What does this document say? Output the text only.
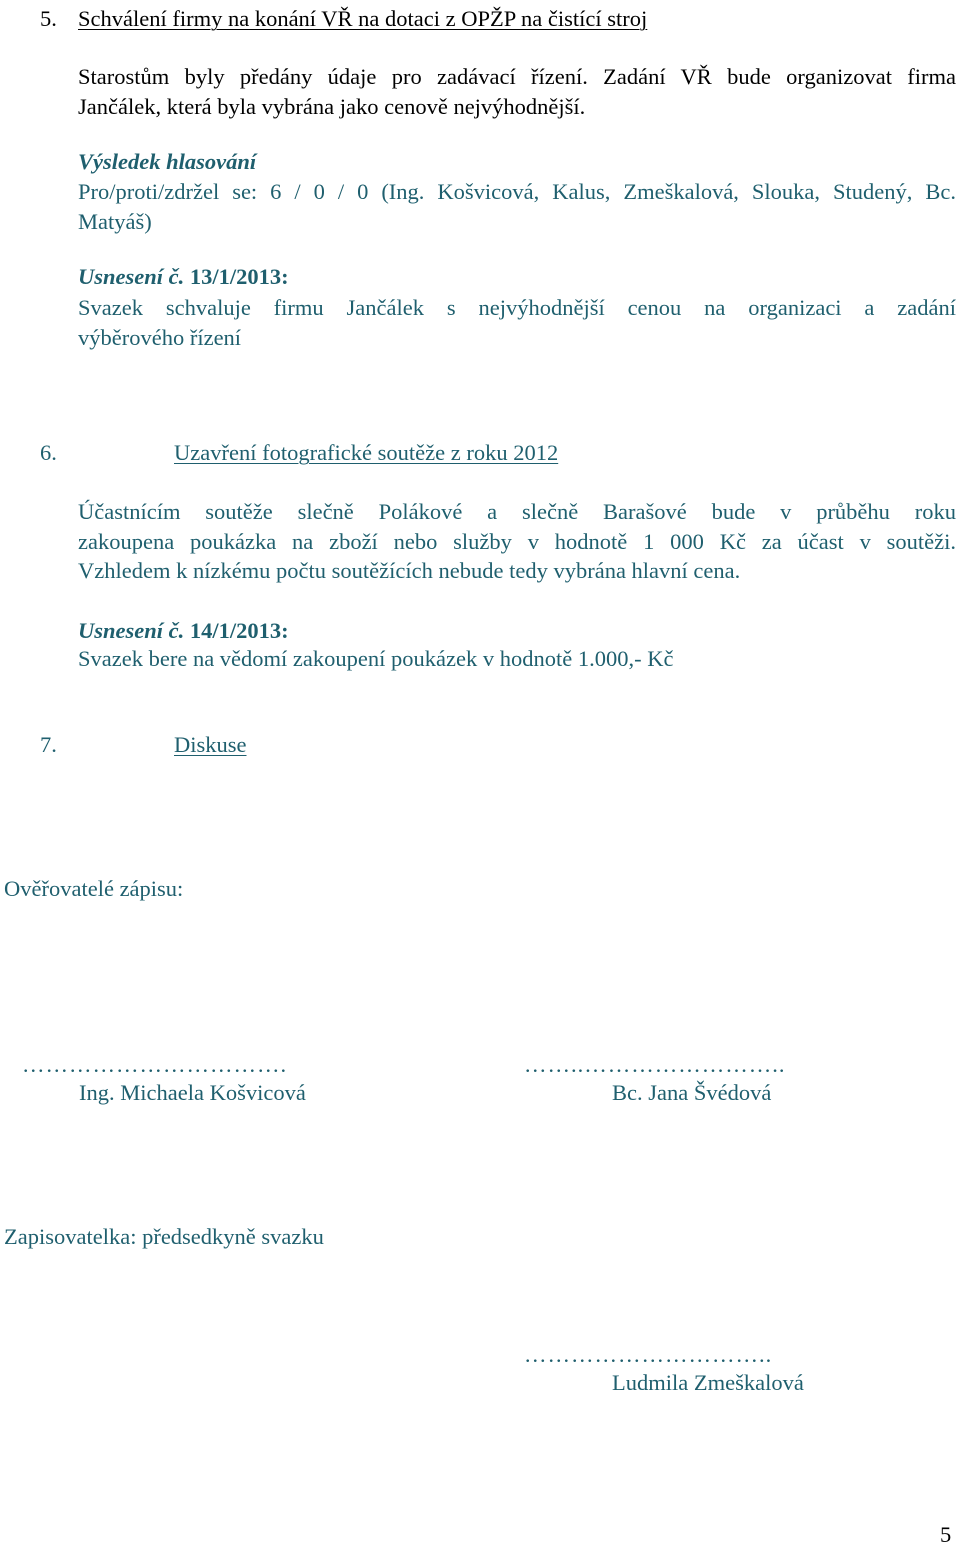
5. Schválení firmy na konání VŘ na dotaci z OPŽP na čistící stroj
Starostům byly předány údaje pro zadávací řízení. Zadání VŘ bude organizovat firma
Jančálek, která byla vybrána jako cenově nejvýhodnější.
Výsledek hlasování
Pro/proti/zdržel se: 6 / 0 / 0 (Ing. Košvicová, Kalus, Zmeškalová, Slouka, Studený, Bc.
Matyáš)
Usnesení č. 13/1/2013:
Svazek schvaluje firmu Jančálek s nejvýhodnější cenou na organizaci a zadání
výběrového řízení
6.	Uzavření fotografické soutěže z roku 2012
Účastnícím soutěže slečně Polákové a slečně Barašové bude v průběhu roku
zakoupena poukázka na zboží nebo služby v hodnotě 1 000 Kč za účast v soutěži.
Vzhledem k nízkému počtu soutěžících nebude tedy vybrána hlavní cena.
Usnesení č. 14/1/2013:
Svazek bere na vědomí zakoupení poukázek v hodnotě 1.000,- Kč
7.	Diskuse
Ověřovatelé zápisu:
…………………………….
Ing. Michaela Košvicová
……..……………………..
Bc. Jana Švédová
Zapisovatelka: předsedkyně svazku
…………………………..
Ludmila Zmeškalová
5
